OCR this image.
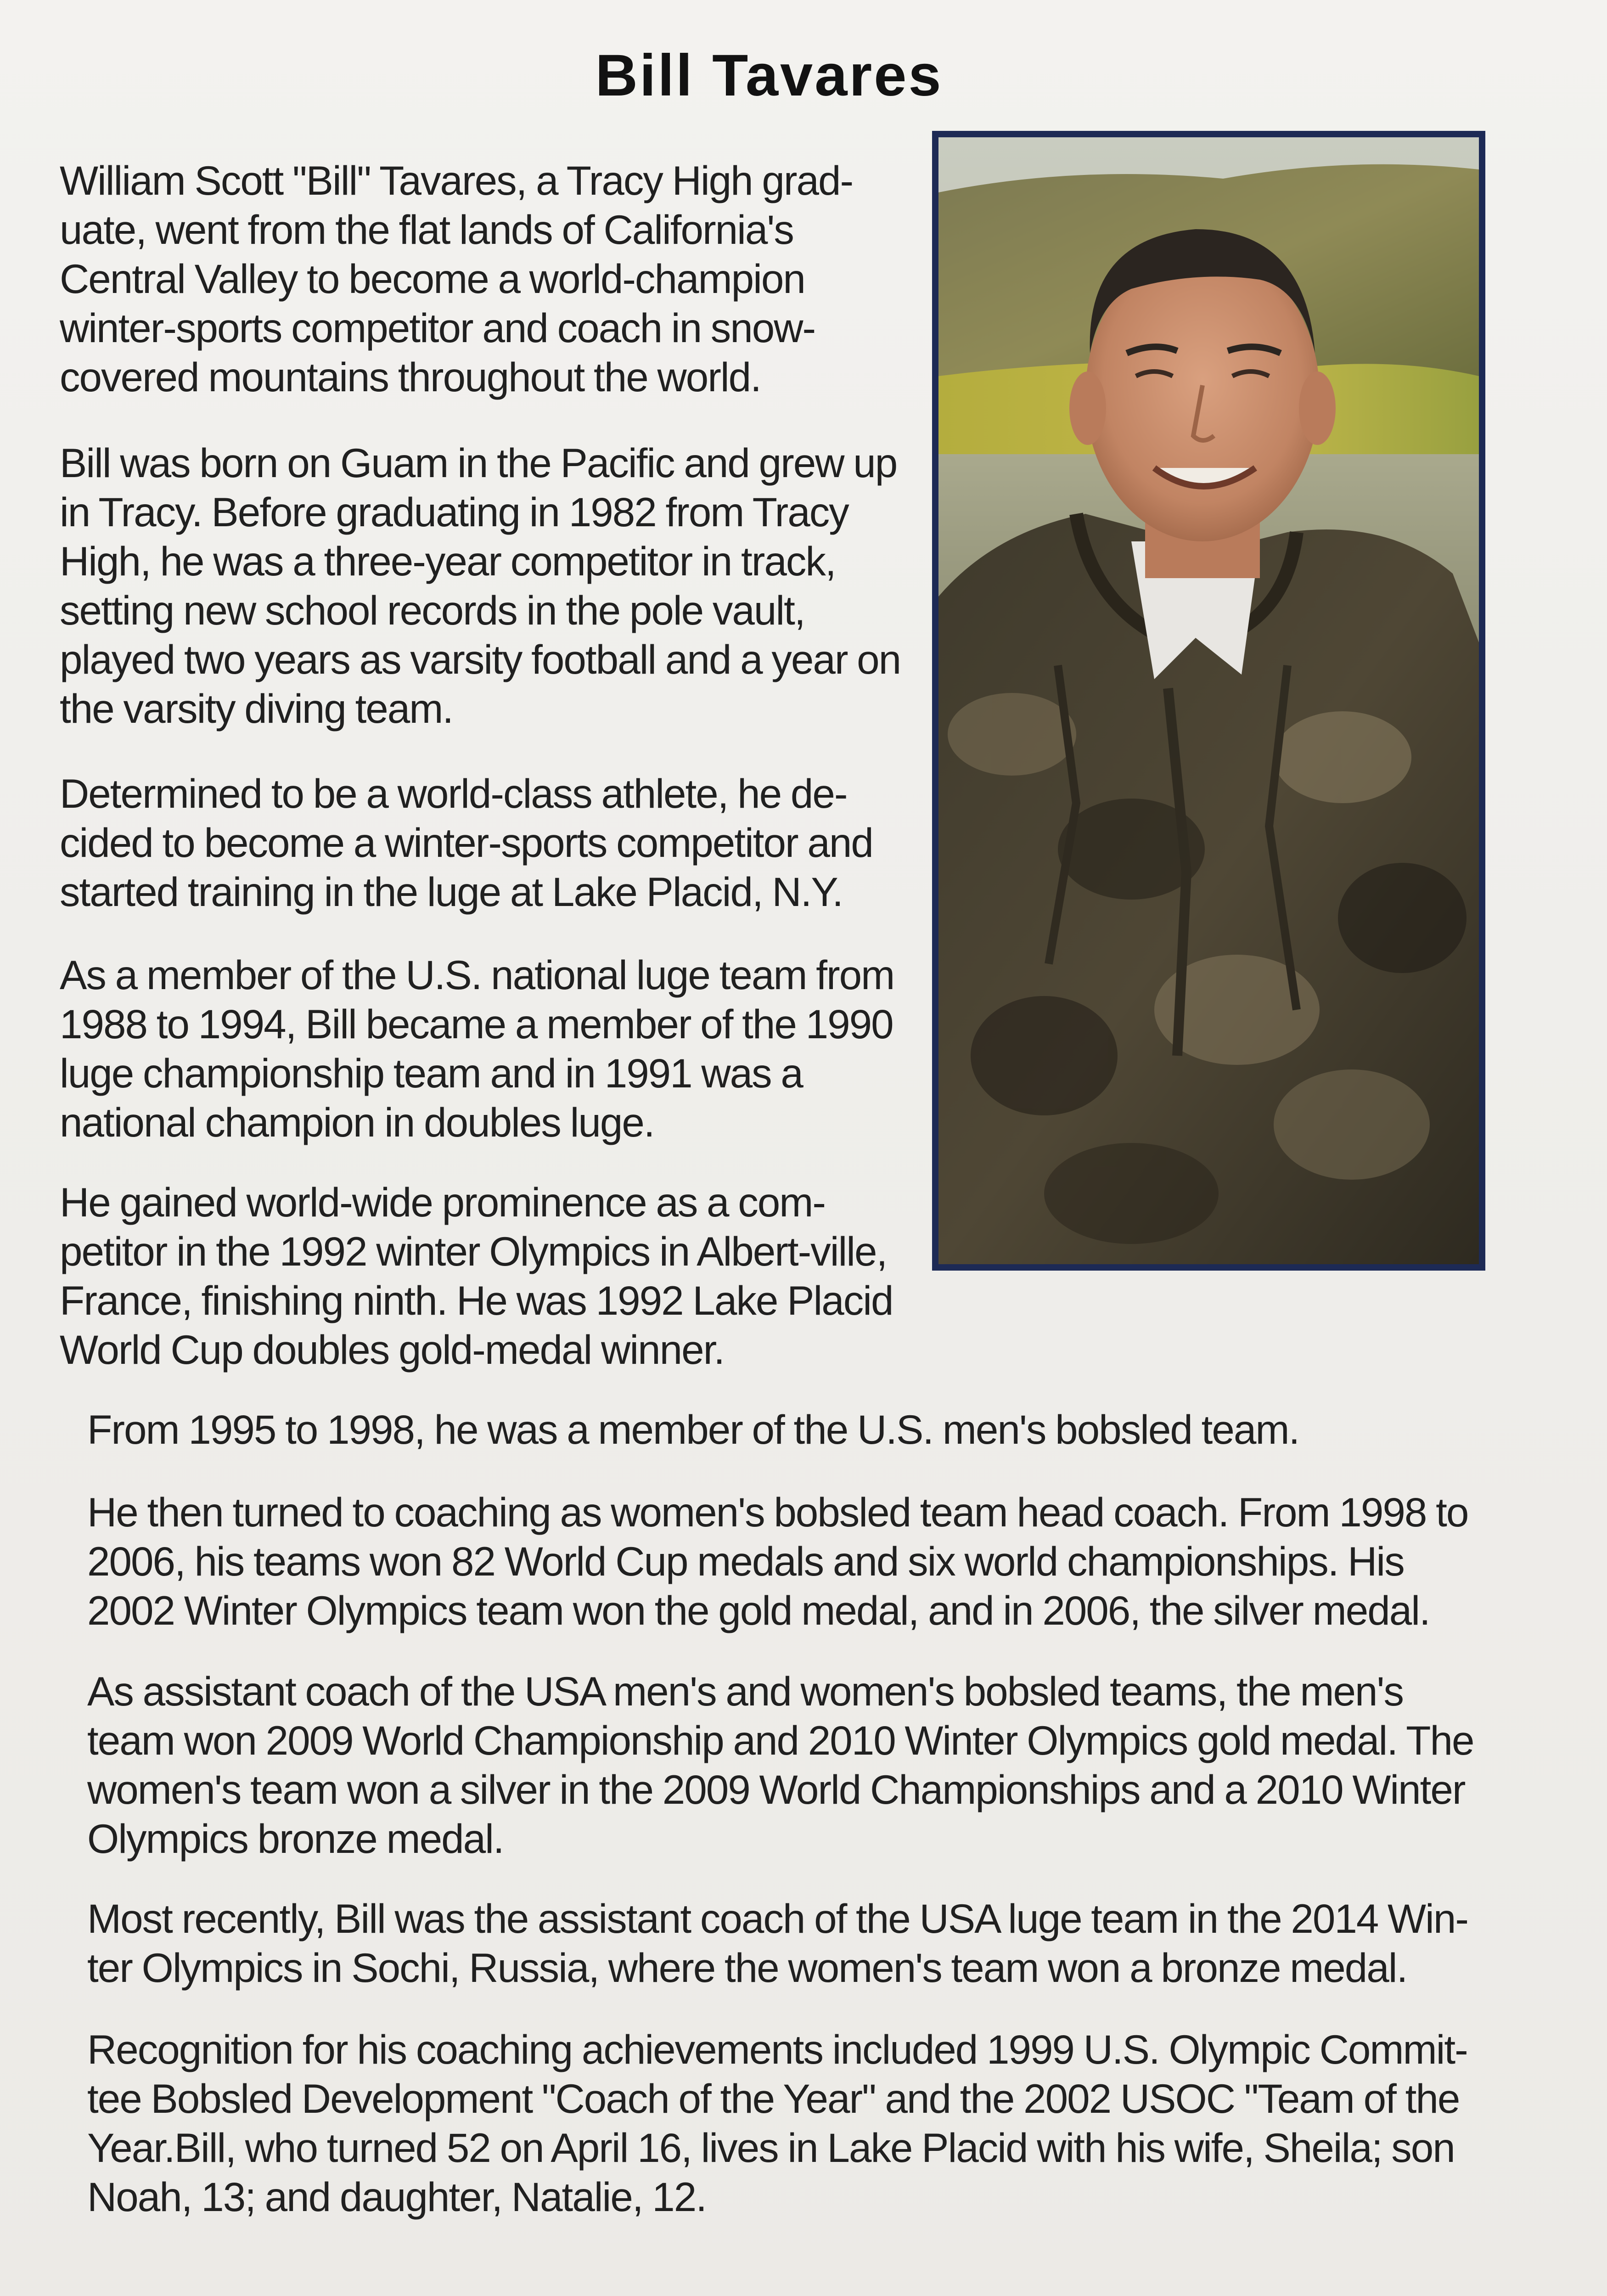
Bill Tavares

William Scott "Bill" Tavares, a Tracy High grad-uate, went from the flat lands of California's Central Valley to become a world-champion winter-sports competitor and coach in snow-covered mountains throughout the world.

Bill was born on Guam in the Pacific and grew up in Tracy. Before graduating in 1982 from Tracy High, he was a three-year competitor in track, setting new school records in the pole vault, played two years as varsity football and a year on the varsity diving team.

Determined to be a world-class athlete, he de-cided to become a winter-sports competitor and started training in the luge at Lake Placid, N.Y.

As a member of the U.S. national luge team from 1988 to 1994, Bill became a member of the 1990 luge championship team and in 1991 was a national champion in doubles luge.

He gained world-wide prominence as a com-petitor in the 1992 winter Olympics in Albert-ville, France, finishing ninth. He was 1992 Lake Placid World Cup doubles gold-medal winner.

From 1995 to 1998, he was a member of the U.S. men's bobsled team.

He then turned to coaching as women's bobsled team head coach. From 1998 to 2006, his teams won 82 World Cup medals and six world championships. His 2002 Winter Olympics team won the gold medal, and in 2006, the silver medal.

As assistant coach of the USA men's and women's bobsled teams, the men's team won 2009 World Championship and 2010 Winter Olympics gold medal. The women's team won a silver in the 2009 World Championships and a 2010 Winter Olympics bronze medal.

Most recently, Bill was the assistant coach of the USA luge team in the 2014 Win-ter Olympics in Sochi, Russia, where the women's team won a bronze medal.

Recognition for his coaching achievements included 1999 U.S. Olympic Commit-tee Bobsled Development "Coach of the Year" and the 2002 USOC "Team of the Year.Bill, who turned 52 on April 16, lives in Lake Placid with his wife, Sheila; son Noah, 13; and daughter, Natalie, 12.
